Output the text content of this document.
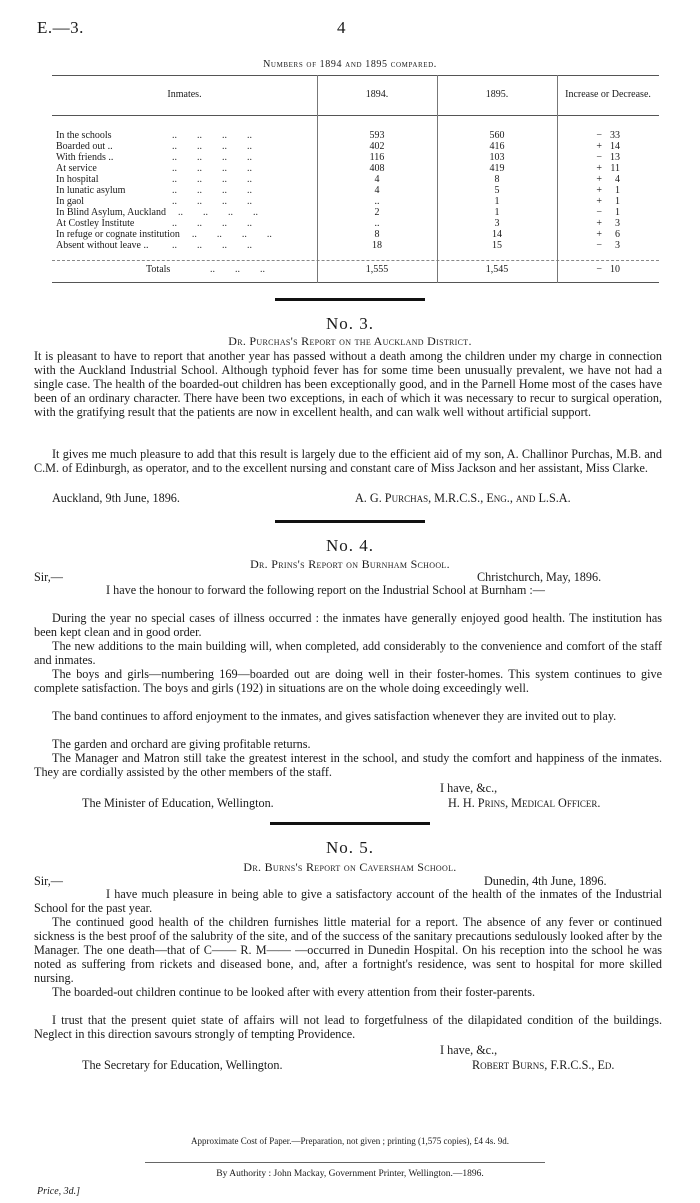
E.—3.	4
Numbers of 1894 and 1895 compared.
Inmates.	1894.	1895.	Increase or Decrease.
In the schools	..        ..        ..        ..	593	560	− 33
Boarded out ..	..        ..        ..        ..	402	416	+ 14
With friends ..	..        ..        ..        ..	116	103	− 13
At service	..        ..        ..        ..	408	419	+ 11
In hospital	..        ..        ..        ..	4	8	+ 4
In lunatic asylum	..        ..        ..        ..	4	5	+ 1
In gaol	..        ..        ..        ..	..	1	+ 1
In Blind Asylum, Auckland ..        ..        ..        ..	2	1	− 1
At Costley Institute	..        ..        ..        ..	..	3	+ 3
In refuge or cognate institution ..        ..        ..        ..	8	14	+ 6
Absent without leave .. ..        ..        ..        ..	18	15	− 3
Totals	..        ..        ..	1,555	1,545	− 10
No. 3.
Dr. Purchas's Report on the Auckland District.
It is pleasant to have to report that another year has passed without a death among the children under my charge in connection with the Auckland Industrial School. Although typhoid fever has for some time been unusually prevalent, we have not had a single case. The health of the boarded-out children has been exceptionally good, and in the Parnell Home most of the cases have been of an ordinary character. There have been two exceptions, in each of which it was necessary to recur to surgical operation, with the gratifying result that the patients are now in excellent health, and can walk well without artificial support.
It gives me much pleasure to add that this result is largely due to the efficient aid of my son, A. Challinor Purchas, M.B. and C.M. of Edinburgh, as operator, and to the excellent nursing and constant care of Miss Jackson and her assistant, Miss Clarke.
Auckland, 9th June, 1896.	A. G. Purchas, M.R.C.S., Eng., and L.S.A.
No. 4.
Dr. Prins's Report on Burnham School.
Sir,—	Christchurch, May, 1896.
I have the honour to forward the following report on the Industrial School at Burnham :—
During the year no special cases of illness occurred : the inmates have generally enjoyed good health. The institution has been kept clean and in good order.
The new additions to the main building will, when completed, add considerably to the convenience and comfort of the staff and inmates.
The boys and girls—numbering 169—boarded out are doing well in their foster-homes. This system continues to give complete satisfaction. The boys and girls (192) in situations are on the whole doing exceedingly well.
The band continues to afford enjoyment to the inmates, and gives satisfaction whenever they are invited out to play.
The garden and orchard are giving profitable returns.
The Manager and Matron still take the greatest interest in the school, and study the comfort and happiness of the inmates. They are cordially assisted by the other members of the staff.
I have, &c.,
The Minister of Education, Wellington.	H. H. Prins, Medical Officer.
No. 5.
Dr. Burns's Report on Caversham School.
Sir,—	Dunedin, 4th June, 1896.
I have much pleasure in being able to give a satisfactory account of the health of the inmates of the Industrial School for the past year.
The continued good health of the children furnishes little material for a report. The absence of any fever or continued sickness is the best proof of the salubrity of the site, and of the success of the sanitary precautions sedulously looked after by the Manager. The one death—that of C—— R. M—— —occurred in Dunedin Hospital. On his reception into the school he was noted as suffering from rickets and diseased bone, and, after a fortnight's residence, was sent to hospital for more skilled nursing.
The boarded-out children continue to be looked after with every attention from their foster-parents.
I trust that the present quiet state of affairs will not lead to forgetfulness of the dilapidated condition of the buildings. Neglect in this direction savours strongly of tempting Providence.
I have, &c.,
The Secretary for Education, Wellington.	Robert Burns, F.R.C.S., Ed.
Approximate Cost of Paper.—Preparation, not given ; printing (1,575 copies), £4 4s. 9d.
By Authority : John Mackay, Government Printer, Wellington.—1896.
Price, 3d.]
